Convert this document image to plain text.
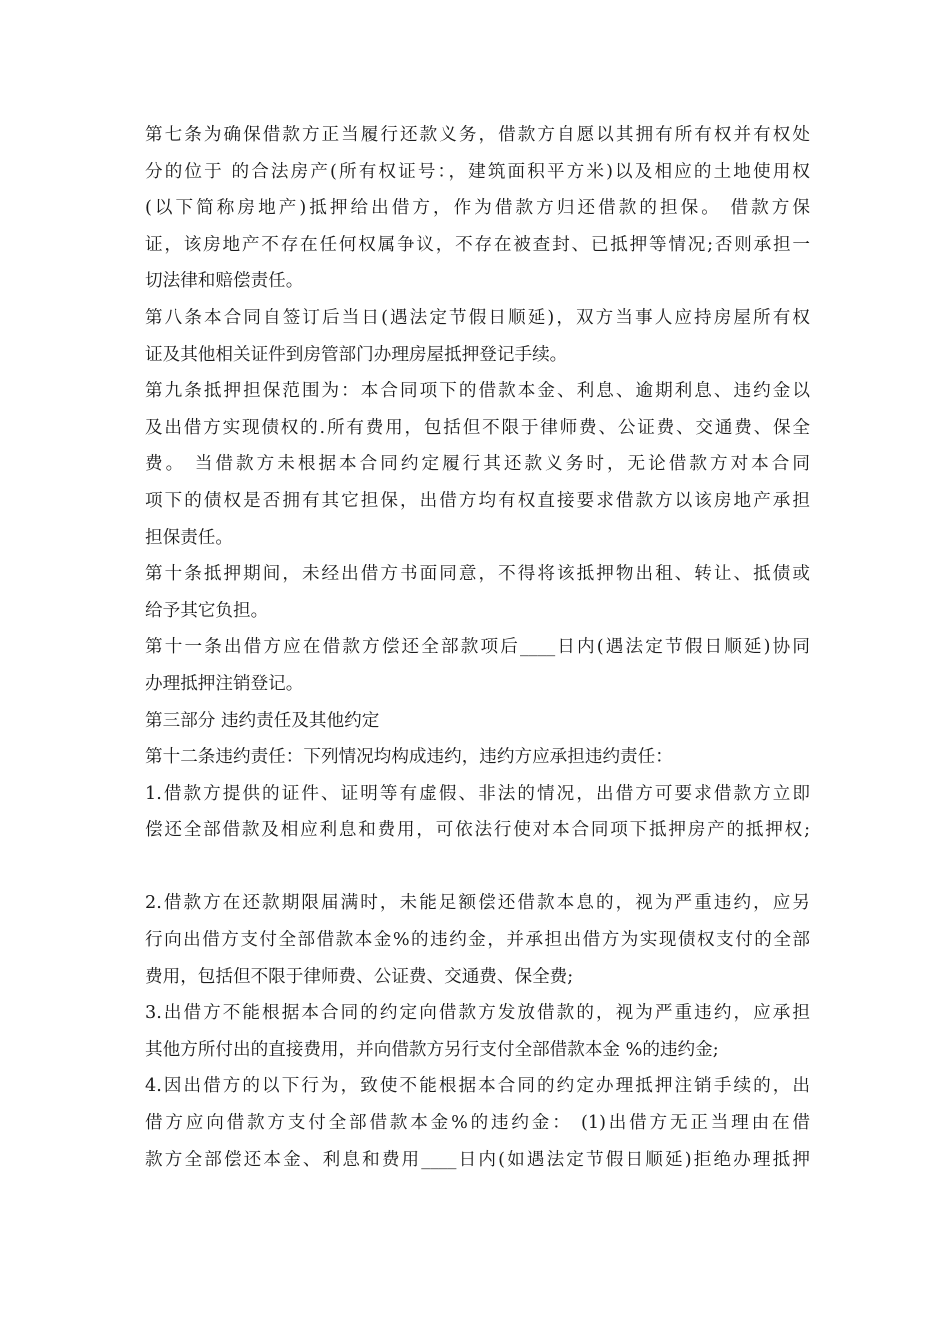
第七条为确保借款方正当履行还款义务，借款方自愿以其拥有所有权并有权处
分的位于 的合法房产(所有权证号：，建筑面积平方米)以及相应的土地使用权
(以下简称房地产)抵押给出借方，作为借款方归还借款的担保。 借款方保
证，该房地产不存在任何权属争议，不存在被查封、已抵押等情况;否则承担一
切法律和赔偿责任。
第八条本合同自签订后当日(遇法定节假日顺延)，双方当事人应持房屋所有权
证及其他相关证件到房管部门办理房屋抵押登记手续。
第九条抵押担保范围为：本合同项下的借款本金、利息、逾期利息、违约金以
及出借方实现债权的.所有费用，包括但不限于律师费、公证费、交通费、保全
费。 当借款方未根据本合同约定履行其还款义务时，无论借款方对本合同
项下的债权是否拥有其它担保，出借方均有权直接要求借款方以该房地产承担
担保责任。
第十条抵押期间，未经出借方书面同意，不得将该抵押物出租、转让、抵债或
给予其它负担。
第十一条出借方应在借款方偿还全部款项后____日内(遇法定节假日顺延)协同
办理抵押注销登记。
第三部分 违约责任及其他约定
第十二条违约责任：下列情况均构成违约，违约方应承担违约责任：
1.借款方提供的证件、证明等有虚假、非法的情况，出借方可要求借款方立即
偿还全部借款及相应利息和费用，可依法行使对本合同项下抵押房产的抵押权;
2.借款方在还款期限届满时，未能足额偿还借款本息的，视为严重违约，应另
行向出借方支付全部借款本金%的违约金，并承担出借方为实现债权支付的全部
费用，包括但不限于律师费、公证费、交通费、保全费;
3.出借方不能根据本合同的约定向借款方发放借款的，视为严重违约，应承担
其他方所付出的直接费用，并向借款方另行支付全部借款本金 %的违约金;
4.因出借方的以下行为，致使不能根据本合同的约定办理抵押注销手续的，出
借方应向借款方支付全部借款本金%的违约金： (1)出借方无正当理由在借
款方全部偿还本金、利息和费用____日内(如遇法定节假日顺延)拒绝办理抵押
